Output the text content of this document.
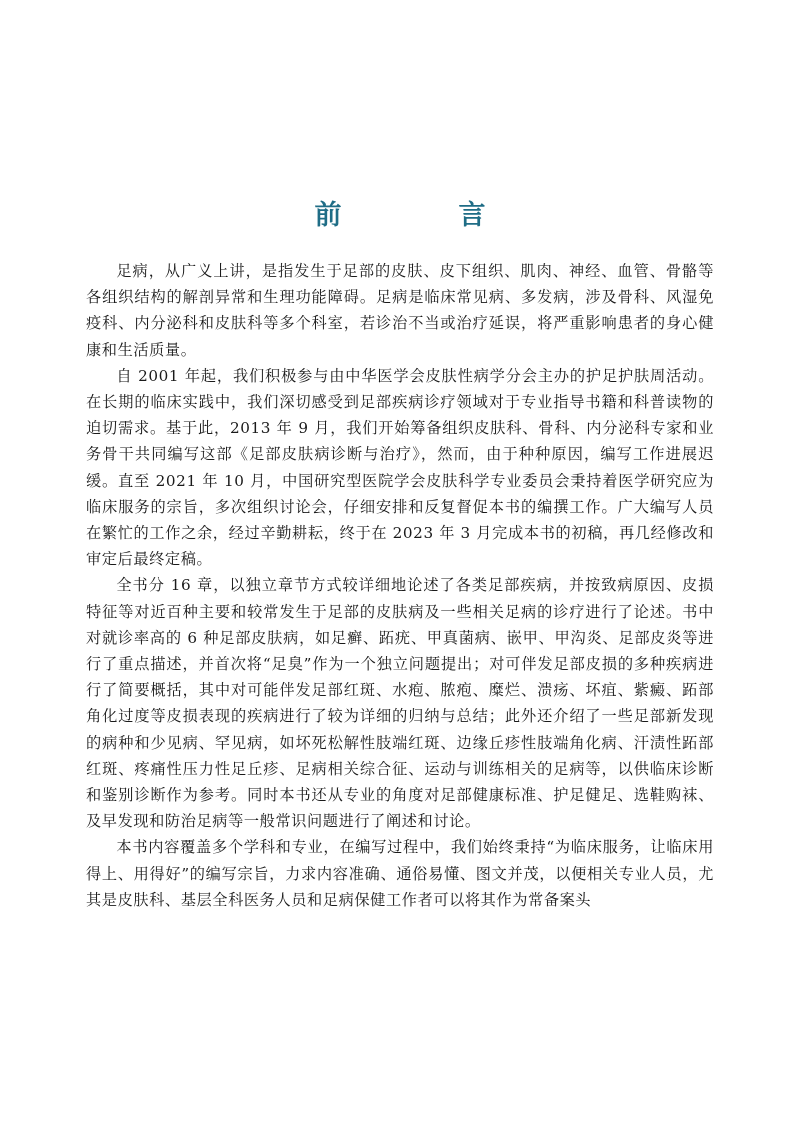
前　言

足病，从广义上讲，是指发生于足部的皮肤、皮下组织、肌肉、神经、血管、骨骼等各组织结构的解剖异常和生理功能障碍。足病是临床常见病、多发病，涉及骨科、风湿免疫科、内分泌科和皮肤科等多个科室，若诊治不当或治疗延误，将严重影响患者的身心健康和生活质量。

自 2001 年起，我们积极参与由中华医学会皮肤性病学分会主办的护足护肤周活动。在长期的临床实践中，我们深切感受到足部疾病诊疗领域对于专业指导书籍和科普读物的迫切需求。基于此，2013 年 9 月，我们开始筹备组织皮肤科、骨科、内分泌科专家和业务骨干共同编写这部《足部皮肤病诊断与治疗》，然而，由于种种原因，编写工作进展迟缓。直至 2021 年 10 月，中国研究型医院学会皮肤科学专业委员会秉持着医学研究应为临床服务的宗旨，多次组织讨论会，仔细安排和反复督促本书的编撰工作。广大编写人员在繁忙的工作之余，经过辛勤耕耘，终于在 2023 年 3 月完成本书的初稿，再几经修改和审定后最终定稿。

全书分 16 章，以独立章节方式较详细地论述了各类足部疾病，并按致病原因、皮损特征等对近百种主要和较常发生于足部的皮肤病及一些相关足病的诊疗进行了论述。书中对就诊率高的 6 种足部皮肤病，如足癣、跖疣、甲真菌病、嵌甲、甲沟炎、足部皮炎等进行了重点描述，并首次将“足臭”作为一个独立问题提出；对可伴发足部皮损的多种疾病进行了简要概括，其中对可能伴发足部红斑、水疱、脓疱、糜烂、溃疡、坏疽、紫癜、跖部角化过度等皮损表现的疾病进行了较为详细的归纳与总结；此外还介绍了一些足部新发现的病种和少见病、罕见病，如坏死松解性肢端红斑、边缘丘疹性肢端角化病、汗渍性跖部红斑、疼痛性压力性足丘疹、足病相关综合征、运动与训练相关的足病等，以供临床诊断和鉴别诊断作为参考。同时本书还从专业的角度对足部健康标准、护足健足、选鞋购袜、及早发现和防治足病等一般常识问题进行了阐述和讨论。

本书内容覆盖多个学科和专业，在编写过程中，我们始终秉持“为临床服务，让临床用得上、用得好”的编写宗旨，力求内容准确、通俗易懂、图文并茂，以便相关专业人员，尤其是皮肤科、基层全科医务人员和足病保健工作者可以将其作为常备案头
